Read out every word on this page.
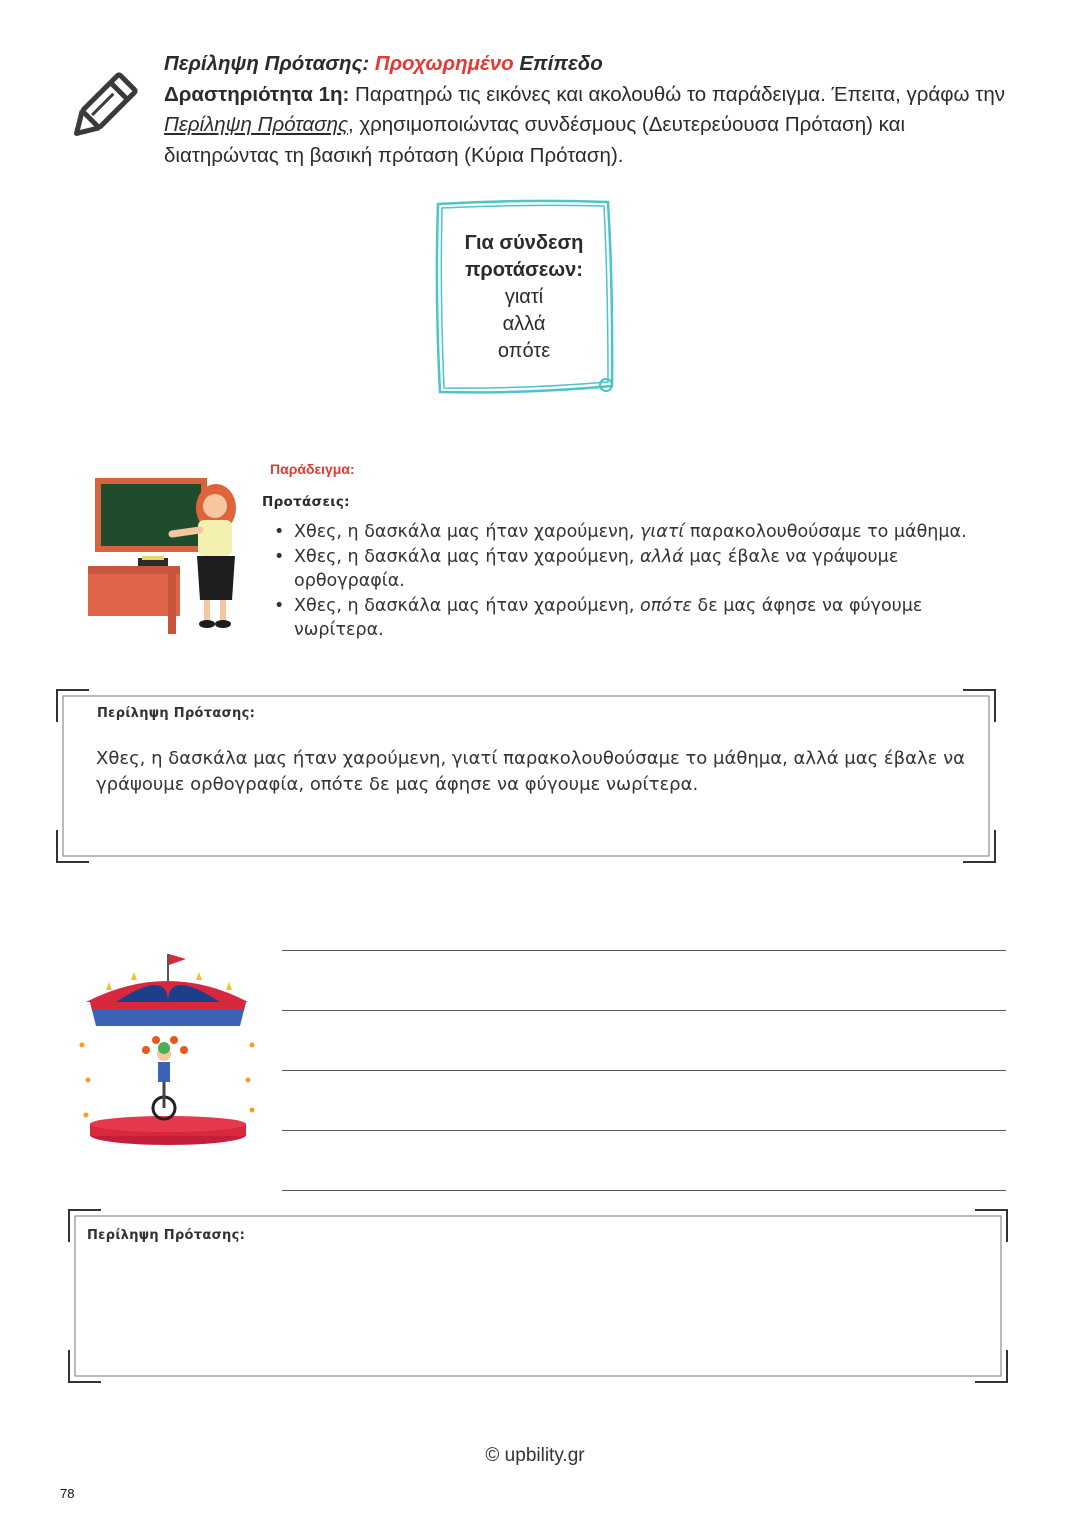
Περίληψη Πρότασης: Προχωρημένο Επίπεδο
Δραστηριότητα 1η: Παρατηρώ τις εικόνες και ακολουθώ το παράδειγμα. Έπειτα, γράφω την Περίληψη Πρότασης, χρησιμοποιώντας συνδέσμους (Δευτερεύουσα Πρόταση) και διατηρώντας τη βασική πρόταση (Κύρια Πρόταση).
Για σύνδεση προτάσεων:
γιατί
αλλά
οπότε
Παράδειγμα:
Προτάσεις:
• Χθες, η δασκάλα μας ήταν χαρούμενη, γιατί παρακολουθούσαμε το μάθημα.
• Χθες, η δασκάλα μας ήταν χαρούμενη, αλλά μας έβαλε να γράψουμε ορθογραφία.
• Χθες, η δασκάλα μας ήταν χαρούμενη, οπότε δε μας άφησε να φύγουμε νωρίτερα.
Περίληψη Πρότασης:
Χθες, η δασκάλα μας ήταν χαρούμενη, γιατί παρακολουθούσαμε το μάθημα, αλλά μας έβαλε να γράψουμε ορθογραφία, οπότε δε μας άφησε να φύγουμε νωρίτερα.
Περίληψη Πρότασης:
© upbility.gr
78
